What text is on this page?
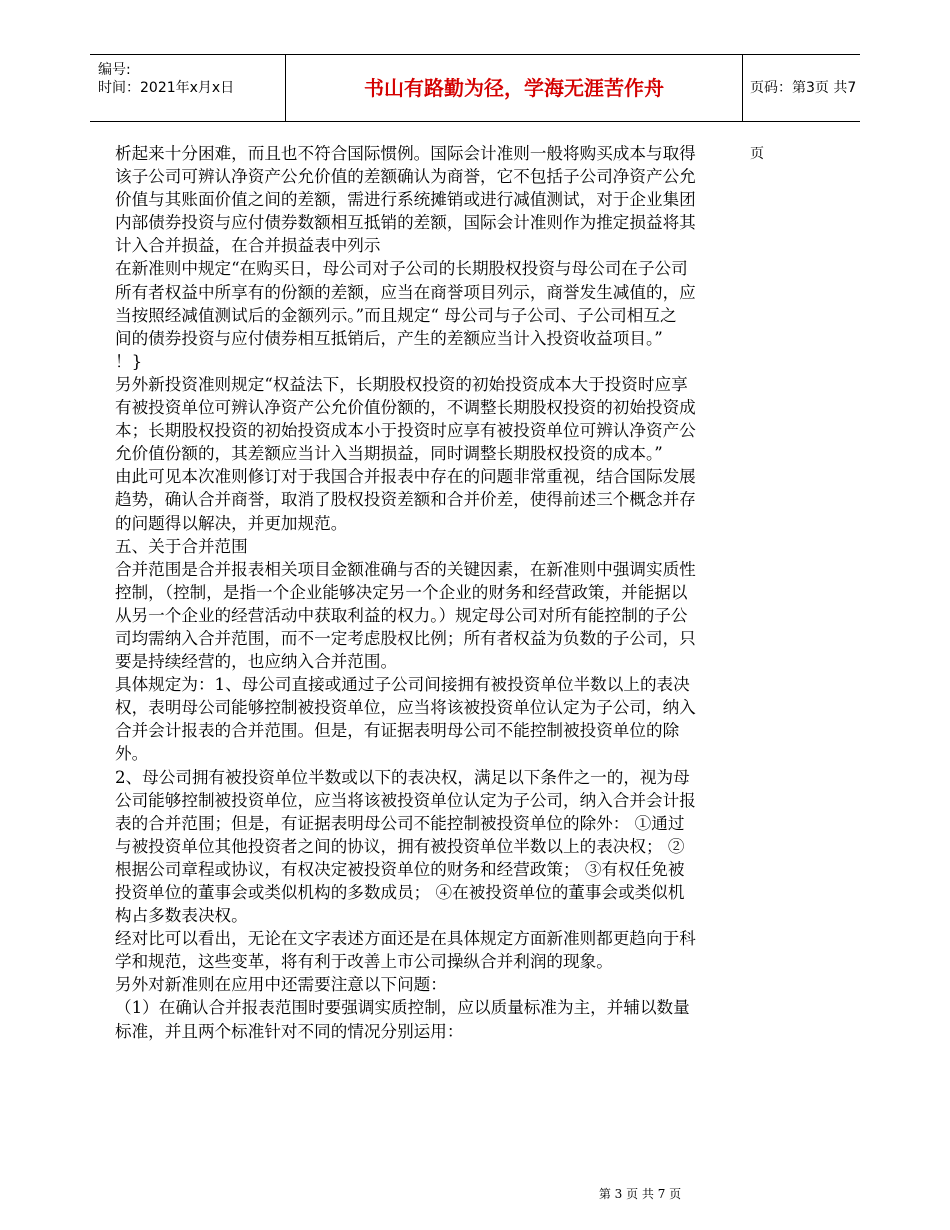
编号:
时间：2021年x月x日	书山有路勤为径，学海无涯苦作舟	页码：第3页 共7页

析起来十分困难，而且也不符合国际惯例。国际会计准则一般将购买成本与取得

该子公司可辨认净资产公允价值的差额确认为商誉，它不包括子公司净资产公允

价值与其账面价值之间的差额，需进行系统摊销或进行减值测试，对于企业集团

内部债券投资与应付债券数额相互抵销的差额，国际会计准则作为推定损益将其

计入合并损益，在合并损益表中列示

在新准则中规定“在购买日，母公司对子公司的长期股权投资与母公司在子公司

所有者权益中所享有的份额的差额，应当在商誉项目列示，商誉发生减值的，应

当按照经减值测试后的金额列示。”而且规定“ 母公司与子公司、子公司相互之

间的债券投资与应付债券相互抵销后，产生的差额应当计入投资收益项目。”

！}

另外新投资准则规定“权益法下，长期股权投资的初始投资成本大于投资时应享

有被投资单位可辨认净资产公允价值份额的，不调整长期股权投资的初始投资成

本；长期股权投资的初始投资成本小于投资时应享有被投资单位可辨认净资产公

允价值份额的，其差额应当计入当期损益，同时调整长期股权投资的成本。”

由此可见本次准则修订对于我国合并报表中存在的问题非常重视，结合国际发展

趋势，确认合并商誉，取消了股权投资差额和合并价差，使得前述三个概念并存

的问题得以解决，并更加规范。

五、关于合并范围

合并范围是合并报表相关项目金额准确与否的关键因素，在新准则中强调实质性

控制，（控制，是指一个企业能够决定另一个企业的财务和经营政策，并能据以

从另一个企业的经营活动中获取利益的权力。）规定母公司对所有能控制的子公

司均需纳入合并范围，而不一定考虑股权比例；所有者权益为负数的子公司，只

要是持续经营的，也应纳入合并范围。

具体规定为：1、母公司直接或通过子公司间接拥有被投资单位半数以上的表决

权，表明母公司能够控制被投资单位，应当将该被投资单位认定为子公司，纳入

合并会计报表的合并范围。但是，有证据表明母公司不能控制被投资单位的除

外。

2、母公司拥有被投资单位半数或以下的表决权，满足以下条件之一的，视为母

公司能够控制被投资单位，应当将该被投资单位认定为子公司，纳入合并会计报

表的合并范围；但是，有证据表明母公司不能控制被投资单位的除外： ①通过

与被投资单位其他投资者之间的协议，拥有被投资单位半数以上的表决权； ②

根据公司章程或协议，有权决定被投资单位的财务和经营政策； ③有权任免被

投资单位的董事会或类似机构的多数成员； ④在被投资单位的董事会或类似机

构占多数表决权。

经对比可以看出，无论在文字表述方面还是在具体规定方面新准则都更趋向于科

学和规范，这些变革，将有利于改善上市公司操纵合并利润的现象。

另外对新准则在应用中还需要注意以下问题：

（1）在确认合并报表范围时要强调实质控制，应以质量标准为主，并辅以数量

标准，并且两个标准针对不同的情况分别运用：

第 3 页 共 7 页
